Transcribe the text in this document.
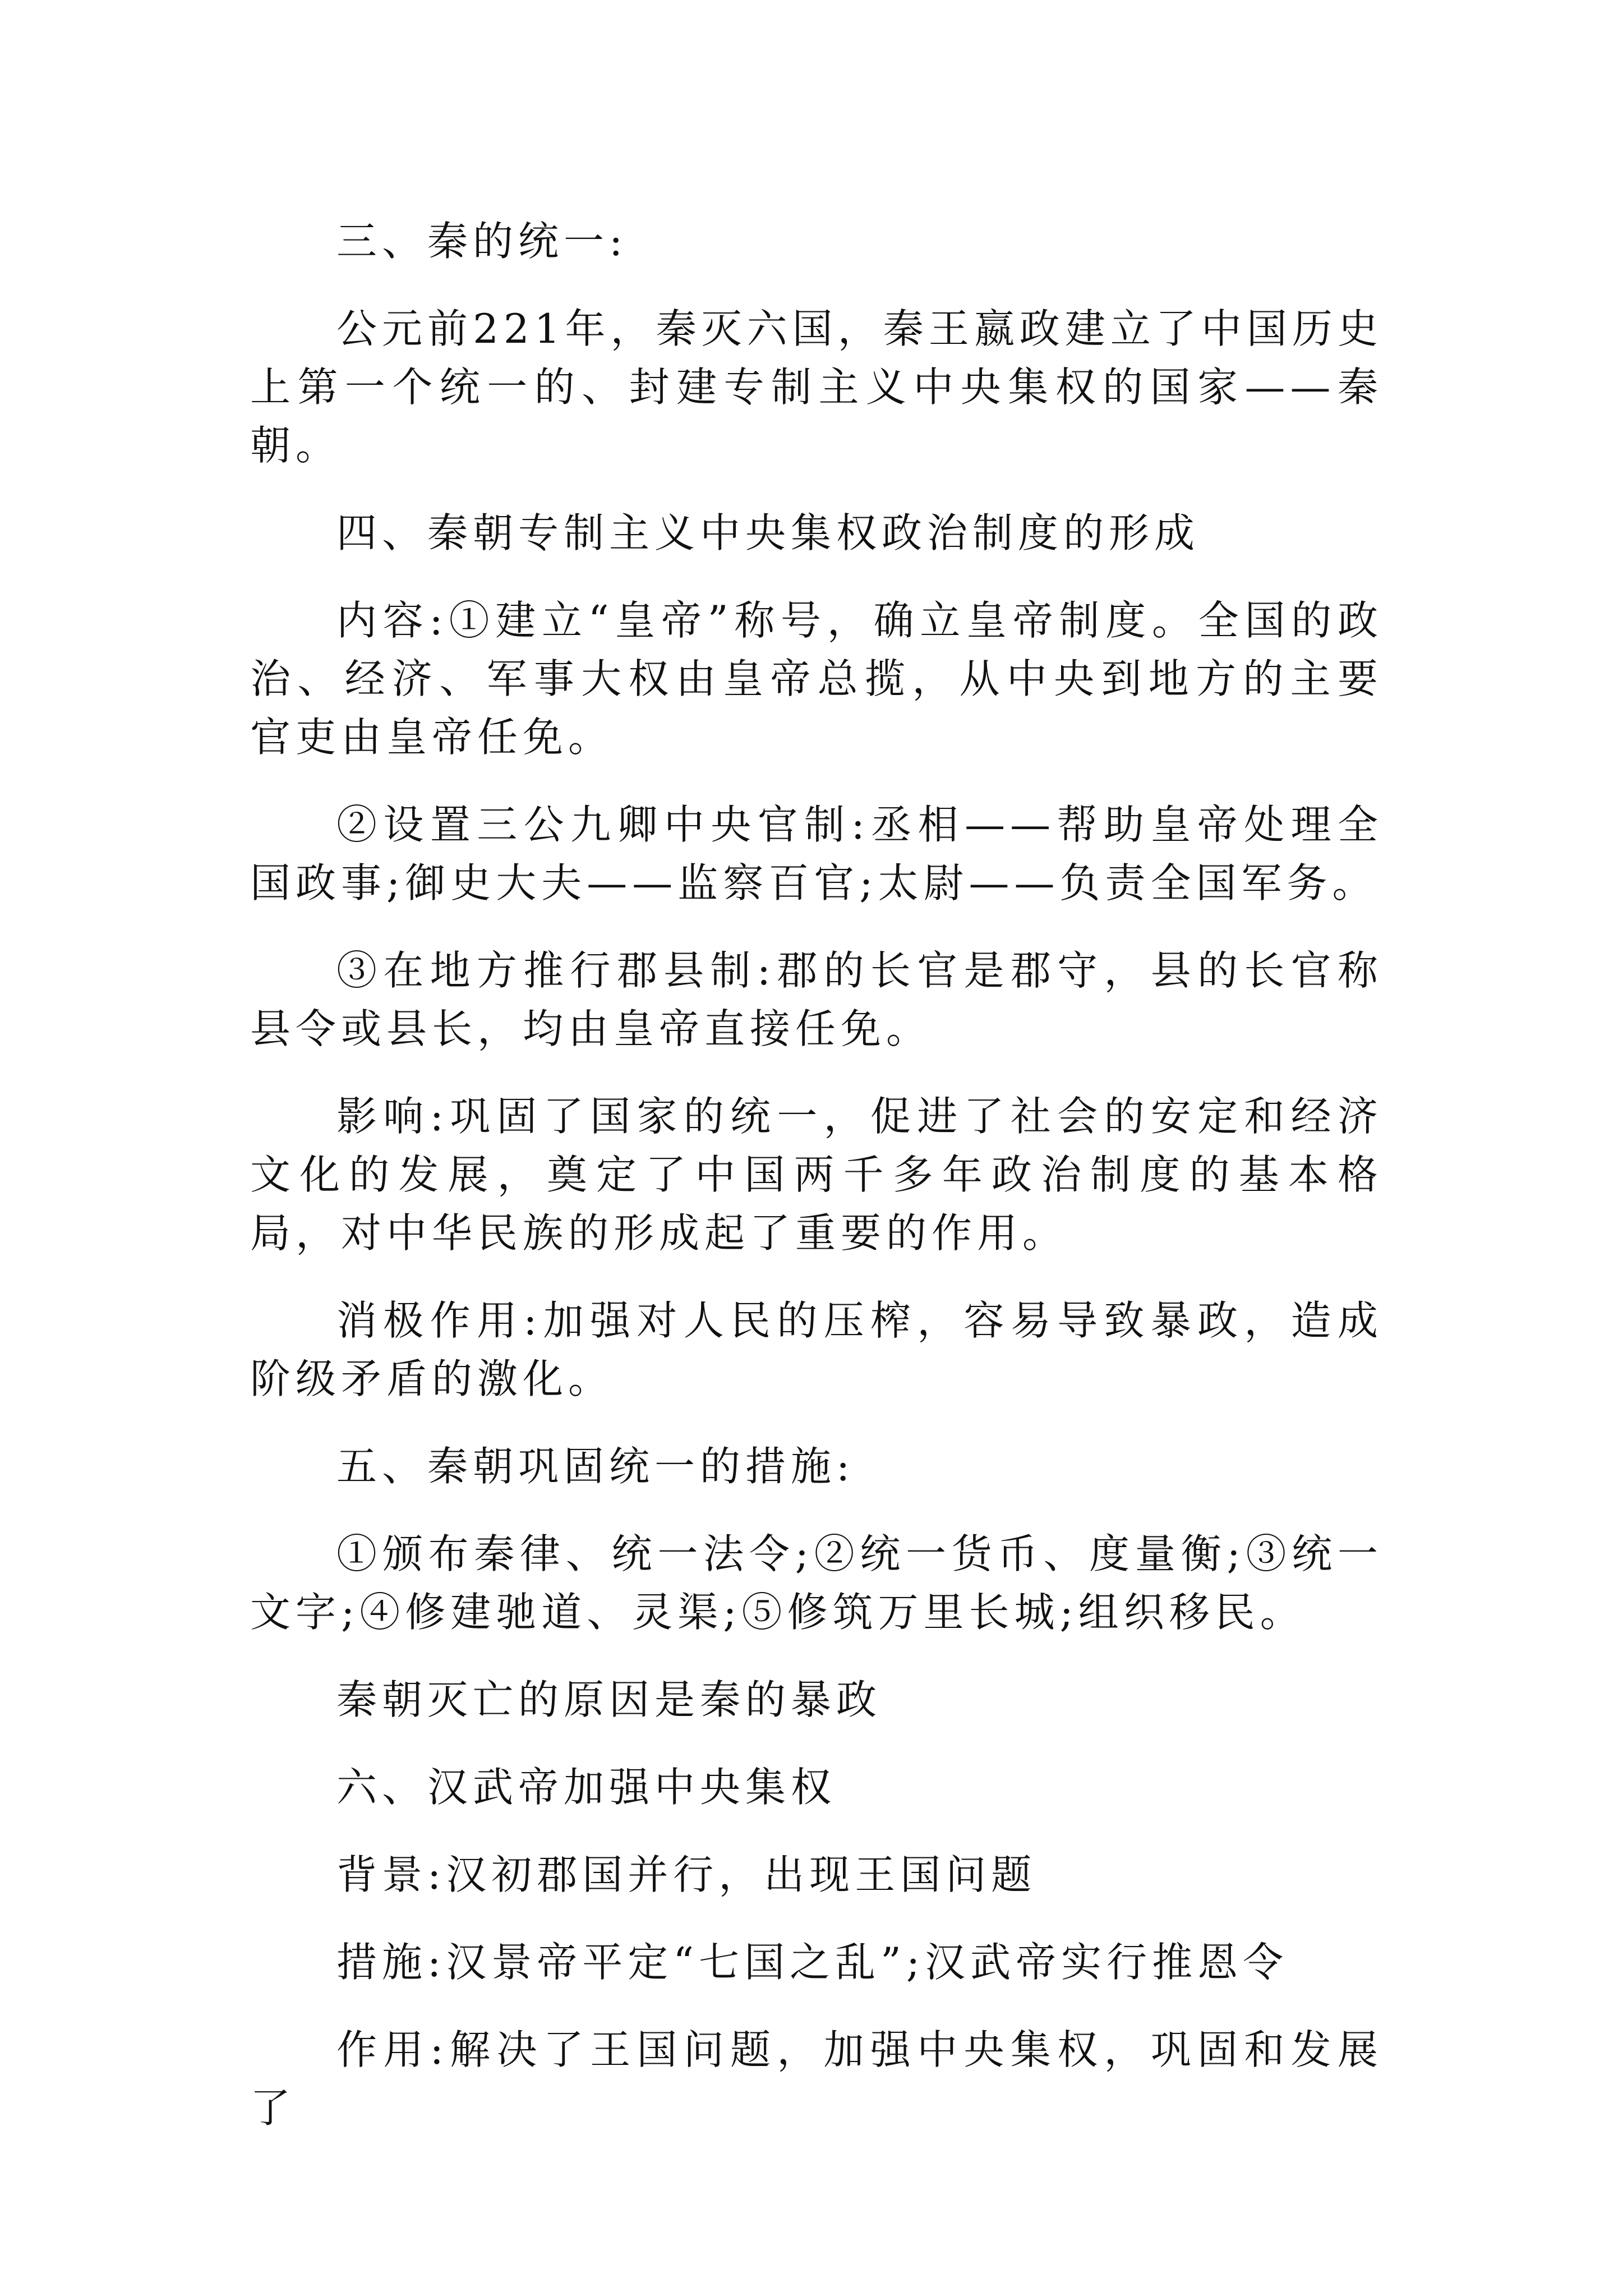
三、秦的统一:

公元前221年，秦灭六国，秦王嬴政建立了中国历史上第一个统一的、封建专制主义中央集权的国家——秦朝。

四、秦朝专制主义中央集权政治制度的形成

内容:①建立“皇帝”称号，确立皇帝制度。全国的政治、经济、军事大权由皇帝总揽，从中央到地方的主要官吏由皇帝任免。

②设置三公九卿中央官制:丞相——帮助皇帝处理全国政事;御史大夫——监察百官;太尉——负责全国军务。

③在地方推行郡县制:郡的长官是郡守，县的长官称县令或县长，均由皇帝直接任免。

影响:巩固了国家的统一，促进了社会的安定和经济文化的发展，奠定了中国两千多年政治制度的基本格局，对中华民族的形成起了重要的作用。

消极作用:加强对人民的压榨，容易导致暴政，造成阶级矛盾的激化。

五、秦朝巩固统一的措施:

①颁布秦律、统一法令;②统一货币、度量衡;③统一文字;④修建驰道、灵渠;⑤修筑万里长城;组织移民。

秦朝灭亡的原因是秦的暴政

六、汉武帝加强中央集权

背景:汉初郡国并行，出现王国问题

措施:汉景帝平定“七国之乱”;汉武帝实行推恩令

作用:解决了王国问题，加强中央集权，巩固和发展了
